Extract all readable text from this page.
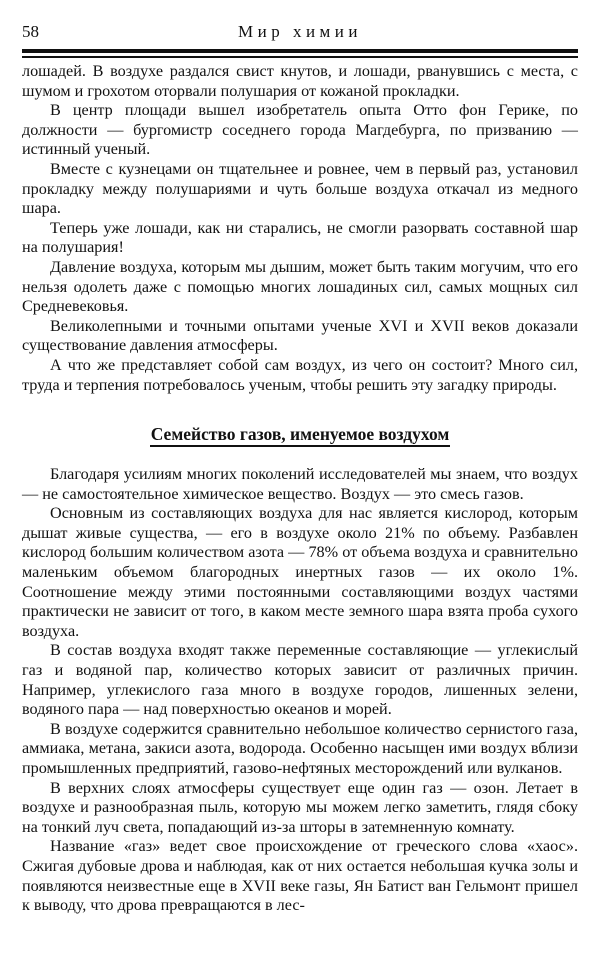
58	Мир химии

лошадей. В воздухе раздался свист кнутов, и лошади, рванувшись с места, с шумом и грохотом оторвали полушария от кожаной прокладки.

В центр площади вышел изобретатель опыта Отто фон Герике, по должности — бургомистр соседнего города Магдебурга, по призванию — истинный ученый.

Вместе с кузнецами он тщательнее и ровнее, чем в первый раз, установил прокладку между полушариями и чуть больше воздуха откачал из медного шара.

Теперь уже лошади, как ни старались, не смогли разорвать составной шар на полушария!

Давление воздуха, которым мы дышим, может быть таким могучим, что его нельзя одолеть даже с помощью многих лошадиных сил, самых мощных сил Средневековья.

Великолепными и точными опытами ученые XVI и XVII веков доказали существование давления атмосферы.

А что же представляет собой сам воздух, из чего он состоит? Много сил, труда и терпения потребовалось ученым, чтобы решить эту загадку природы.

Семейство газов, именуемое воздухом

Благодаря усилиям многих поколений исследователей мы знаем, что воздух — не самостоятельное химическое вещество. Воздух — это смесь газов.

Основным из составляющих воздуха для нас является кислород, которым дышат живые существа, — его в воздухе около 21% по объему. Разбавлен кислород большим количеством азота — 78% от объема воздуха и сравнительно маленьким объемом благородных инертных газов — их около 1%. Соотношение между этими постоянными составляющими воздух частями практически не зависит от того, в каком месте земного шара взята проба сухого воздуха.

В состав воздуха входят также переменные составляющие — углекислый газ и водяной пар, количество которых зависит от различных причин. Например, углекислого газа много в воздухе городов, лишенных зелени, водяного пара — над поверхностью океанов и морей.

В воздухе содержится сравнительно небольшое количество сернистого газа, аммиака, метана, закиси азота, водорода. Особенно насыщен ими воздух вблизи промышленных предприятий, газово-нефтяных месторождений или вулканов.

В верхних слоях атмосферы существует еще один газ — озон. Летает в воздухе и разнообразная пыль, которую мы можем легко заметить, глядя сбоку на тонкий луч света, попадающий из-за шторы в затемненную комнату.

Название «газ» ведет свое происхождение от греческого слова «хаос». Сжигая дубовые дрова и наблюдая, как от них остается небольшая кучка золы и появляются неизвестные еще в XVII веке газы, Ян Батист ван Гельмонт пришел к выводу, что дрова превращаются в лес-
